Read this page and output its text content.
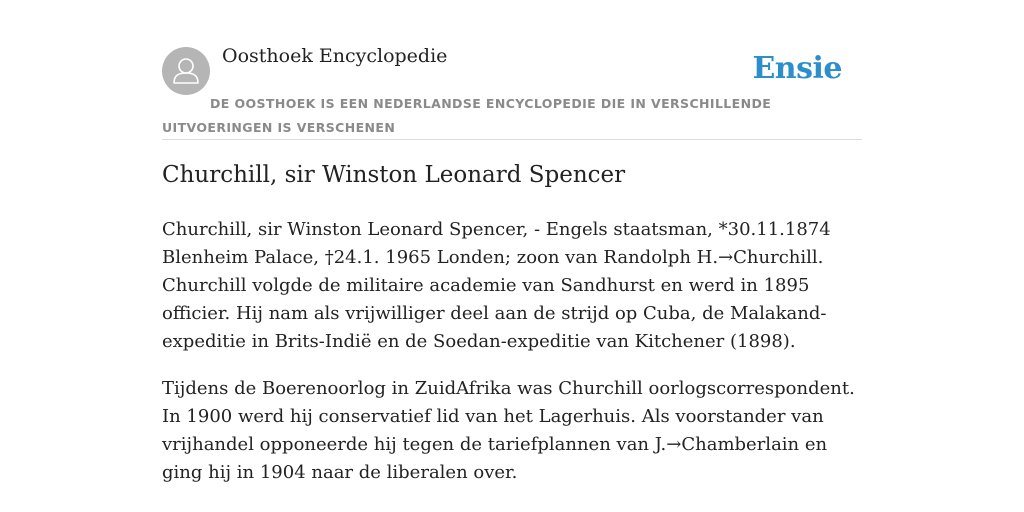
Oosthoek Encyclopedie	Ensie
DE OOSTHOEK IS EEN NEDERLANDSE ENCYCLOPEDIE DIE IN VERSCHILLENDE UITVOERINGEN IS VERSCHENEN
Churchill, sir Winston Leonard Spencer

Churchill, sir Winston Leonard Spencer, - Engels staatsman, *30.11.1874 Blenheim Palace, †24.1. 1965 Londen; zoon van Randolph H.→Churchill. Churchill volgde de militaire academie van Sandhurst en werd in 1895 officier. Hij nam als vrijwilliger deel aan de strijd op Cuba, de Malakand-expeditie in Brits-Indië en de Soedan-expeditie van Kitchener (1898).

Tijdens de Boerenoorlog in ZuidAfrika was Churchill oorlogscorrespondent. In 1900 werd hij conservatief lid van het Lagerhuis. Als voorstander van vrijhandel opponeerde hij tegen de tariefplannen van J.→Chamberlain en ging hij in 1904 naar de liberalen over.
